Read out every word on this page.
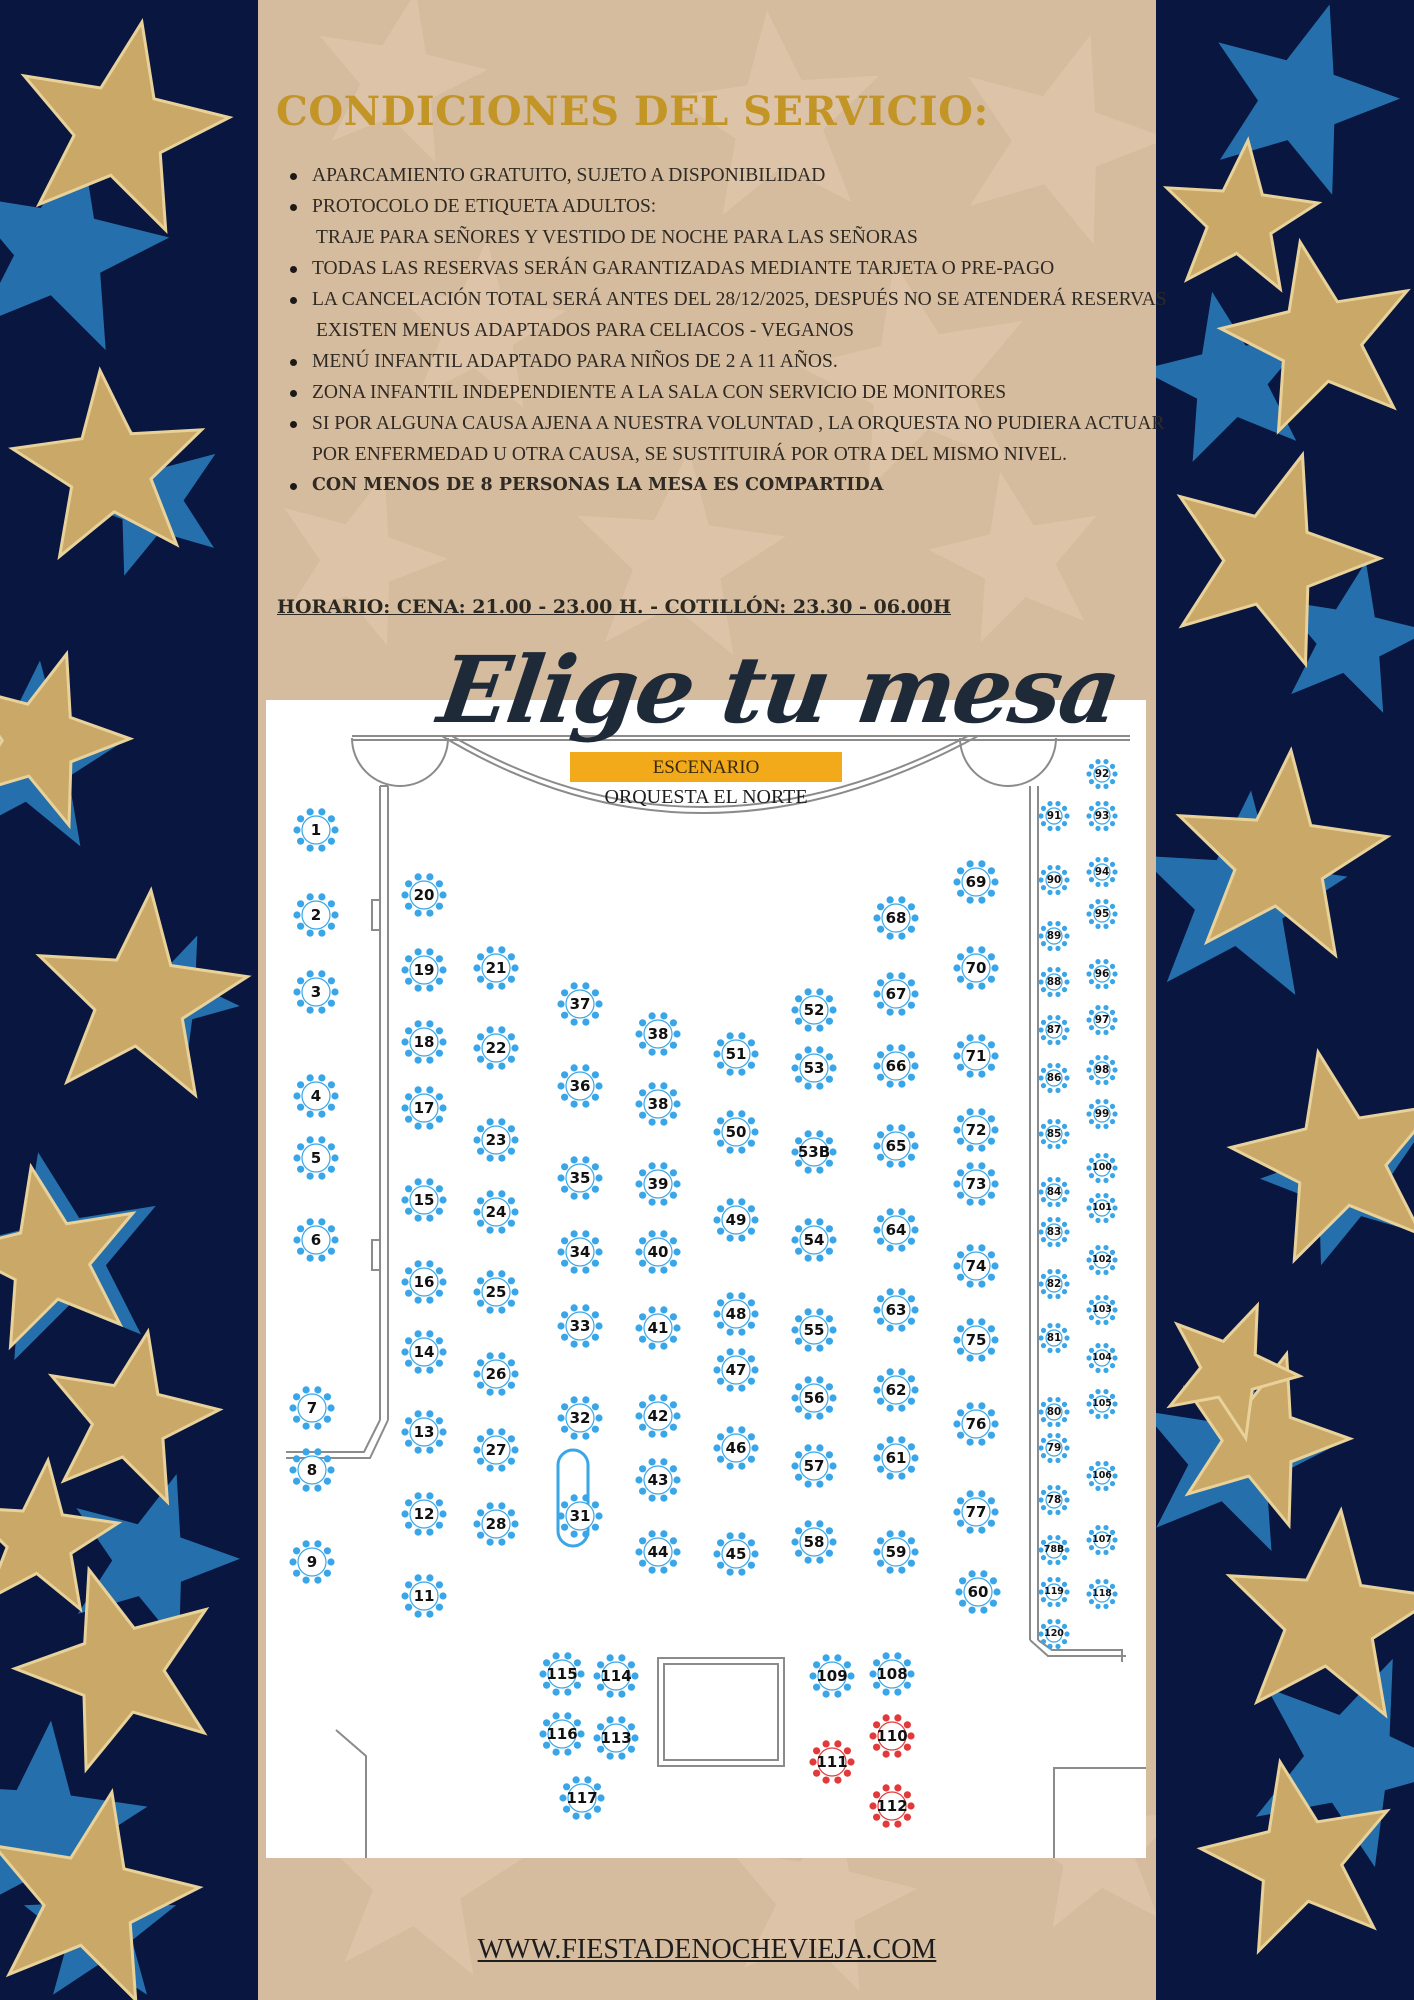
CONDICIONES DEL SERVICIO:
APARCAMIENTO GRATUITO, SUJETO A DISPONIBILIDAD
PROTOCOLO DE ETIQUETA ADULTOS:
TRAJE PARA SEÑORES Y VESTIDO DE NOCHE PARA LAS SEÑORAS
TODAS LAS RESERVAS SERÁN GARANTIZADAS MEDIANTE TARJETA O PRE-PAGO
LA CANCELACIÓN TOTAL SERÁ ANTES DEL 28/12/2025, DESPUÉS NO SE ATENDERÁ RESERVAS
EXISTEN MENUS ADAPTADOS PARA CELIACOS - VEGANOS
MENÚ INFANTIL ADAPTADO PARA NIÑOS DE 2 A 11 AÑOS.
ZONA INFANTIL INDEPENDIENTE A LA SALA CON SERVICIO DE MONITORES
SI POR ALGUNA CAUSA AJENA A NUESTRA VOLUNTAD , LA ORQUESTA NO PUDIERA ACTUAR POR ENFERMEDAD U OTRA CAUSA, SE SUSTITUIRÁ POR OTRA DEL MISMO NIVEL.
CON MENOS DE 8 PERSONAS LA MESA ES COMPARTIDA
HORARIO: CENA: 21.00 - 23.00 H. - COTILLÓN: 23.30 - 06.00H
1
2
3
4
5
6
7
8
9
11
12
13
14
15
16
17
18
19
20
21
22
23
24
25
26
27
28	31
32
33
34
35
36
37
38
38
39
40
41
42
43
44	45
46
47
48
49
50
51
52
53
53B
54
55
56
57
58
59
60
61
62
63
64
65
66
67
68
69
70
71
72
73
74
75
76
77
78
78B
79
80
81
82
83
84
85
86
87
88
89
90
91
92
93
94
95
96
97
98
99
100
101
102
103
104
105
106
107
108
109
110
111
112
113
114
115
116
117
118
119
120
Elige tu mesa
ESCENARIO
ORQUESTA EL NORTE
WWW.FIESTADENOCHEVIEJA.COM
